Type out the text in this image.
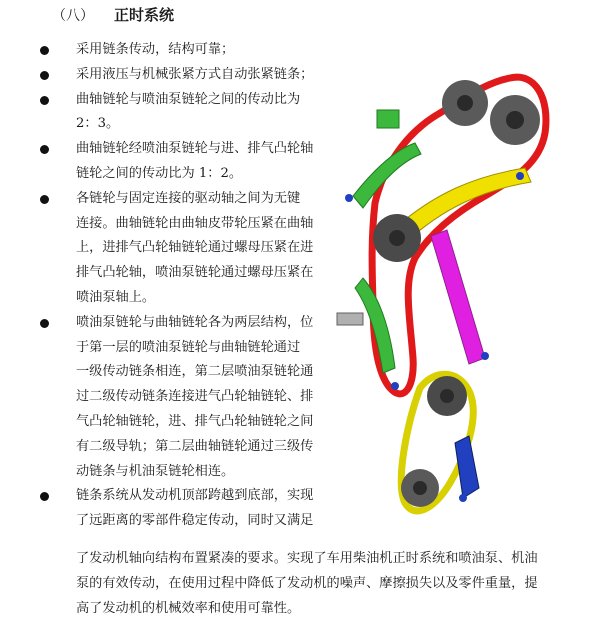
（八） 正时系统
采用链条传动，结构可靠；
采用液压与机械张紧方式自动张紧链条；
曲轴链轮与喷油泵链轮之间的传动比为
2：3。
曲轴链轮经喷油泵链轮与进、排气凸轮轴
链轮之间的传动比为 1：2。
各链轮与固定连接的驱动轴之间为无键
连接。曲轴链轮由曲轴皮带轮压紧在曲轴
上，进排气凸轮轴链轮通过螺母压紧在进
排气凸轮轴，喷油泵链轮通过螺母压紧在
喷油泵轴上。
喷油泵链轮与曲轴链轮各为两层结构，位
于第一层的喷油泵链轮与曲轴链轮通过
一级传动链条相连，第二层喷油泵链轮通
过二级传动链条连接进气凸轮轴链轮、排
气凸轮轴链轮，进、排气凸轮轴链轮之间
有二级导轨；第二层曲轴链轮通过三级传
动链条与机油泵链轮相连。
链条系统从发动机顶部跨越到底部，实现
了远距离的零部件稳定传动，同时又满足
了发动机轴向结构布置紧凑的要求。实现了车用柴油机正时系统和喷油泵、机油
泵的有效传动，在使用过程中降低了发动机的噪声、摩擦损失以及零件重量，提
高了发动机的机械效率和使用可靠性。
